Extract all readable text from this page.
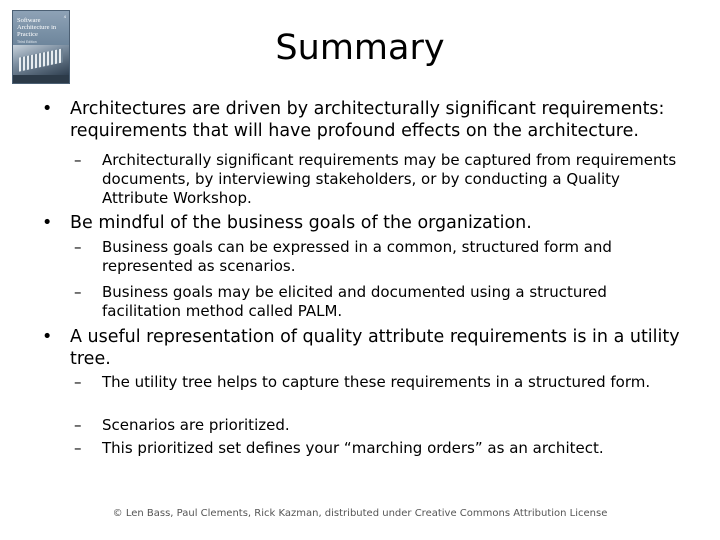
Software Architecture in Practice
Third Edition
4
Summary
• Architectures are driven by architecturally significant requirements: requirements that will have profound effects on the architecture.
– Architecturally significant requirements may be captured from requirements documents, by interviewing stakeholders, or by conducting a Quality Attribute Workshop.
• Be mindful of the business goals of the organization.
– Business goals can be expressed in a common, structured form and represented as scenarios.
– Business goals may be elicited and documented using a structured facilitation method called PALM.
• A useful representation of quality attribute requirements is in a utility tree.
– The utility tree helps to capture these requirements in a structured form.
– Scenarios are prioritized.
– This prioritized set defines your “marching orders” as an architect.
© Len Bass, Paul Clements, Rick Kazman, distributed under Creative Commons Attribution License
